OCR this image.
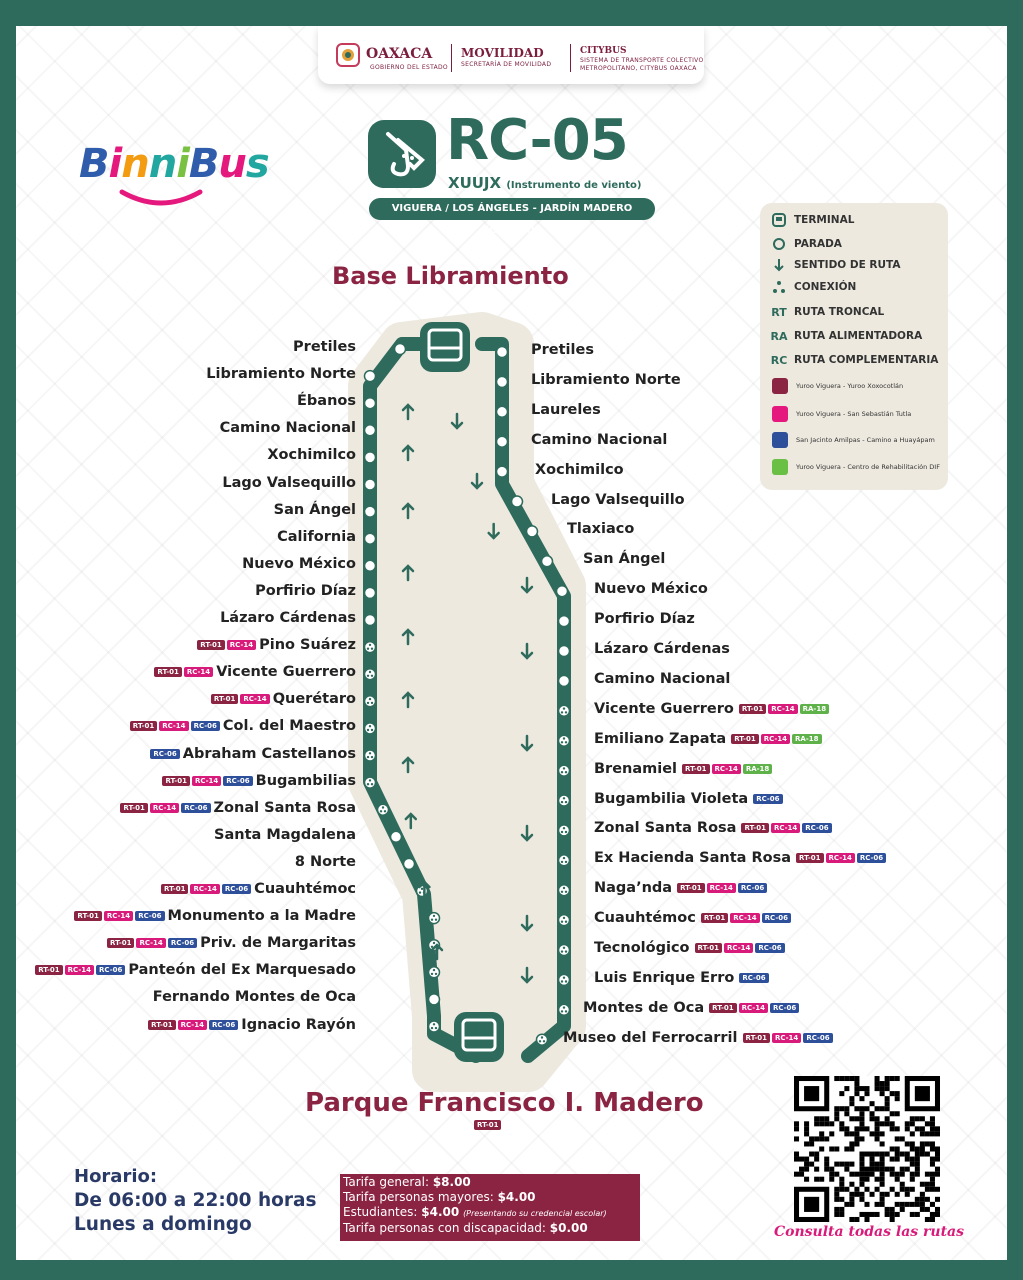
OAXACA
GOBIERNO DEL ESTADO
MOVILIDAD
SECRETARÍA DE MOVILIDAD
CITYBUS
SISTEMA DE TRANSPORTE COLECTIVO
METROPOLITANO, CITYBUS OAXACA
BinniBus	RC-05
XUUJX (Instrumento de viento)
VIGUERA / LOS ÁNGELES - JARDÍN MADERO (CENTRO)
TERMINAL
PARADA
SENTIDO DE RUTA
CONEXIÓN
RT RUTA TRONCAL
RA RUTA ALIMENTADORA
RC RUTA COMPLEMENTARIA
Yuroo Viguera - Yuroo Xoxocotlán
Yuroo Viguera - San Sebastián Tutla
San Jacinto Amilpas - Camino a Huayápam
Yuroo Viguera - Centro de Rehabilitación DIF
Base Libramiento
Parque Francisco I. Madero
RT-01
Pretiles
Libramiento Norte
Ébanos
Camino Nacional
Xochimilco
Lago Valsequillo
San Ángel
California
Nuevo México
Porfirio Díaz
Lázaro Cárdenas
RT-01	RC-14 Pino Suárez
RT-01	RC-14 Vicente Guerrero
RT-01	RC-14 Querétaro
RT-01	RC-14	RC-06 Col. del Maestro
RC-06 Abraham Castellanos
RT-01	RC-14	RC-06 Bugambilias
RT-01	RC-14	RC-06 Zonal Santa Rosa
Santa Magdalena
8 Norte
RT-01	RC-14	RC-06 Cuauhtémoc
RT-01	RC-14	RC-06 Monumento a la Madre
RT-01	RC-14	RC-06 Priv. de Margaritas
RT-01	RC-14	RC-06 Panteón del Ex Marquesado
Fernando Montes de Oca
RT-01	RC-14	RC-06 Ignacio Rayón
Pretiles
Libramiento Norte
Laureles
Camino Nacional
Xochimilco
Lago Valsequillo
Tlaxiaco
San Ángel
Nuevo México
Porfirio Díaz
Lázaro Cárdenas
Camino Nacional
Vicente Guerrero	RT-01	RC-14	RA-18
Emiliano Zapata	RT-01	RC-14	RA-18
Brenamiel	RT-01	RC-14	RA-18
Bugambilia Violeta	RC-06
Zonal Santa Rosa	RT-01	RC-14	RC-06
Ex Hacienda Santa Rosa	RT-01	RC-14	RC-06
Naga’nda	RT-01	RC-14	RC-06
Cuauhtémoc	RT-01	RC-14	RC-06
Tecnológico	RT-01	RC-14	RC-06
Luis Enrique Erro	RC-06
Montes de Oca	RT-01	RC-14	RC-06
Museo del Ferrocarril	RT-01	RC-14	RC-06
Horario:
De 06:00 a 22:00 horas
Lunes a domingo
Tarifa general: $8.00
Tarifa personas mayores: $4.00
Estudiantes: $4.00 (Presentando su credencial escolar)
Tarifa personas con discapacidad: $0.00	Consulta todas las rutas
